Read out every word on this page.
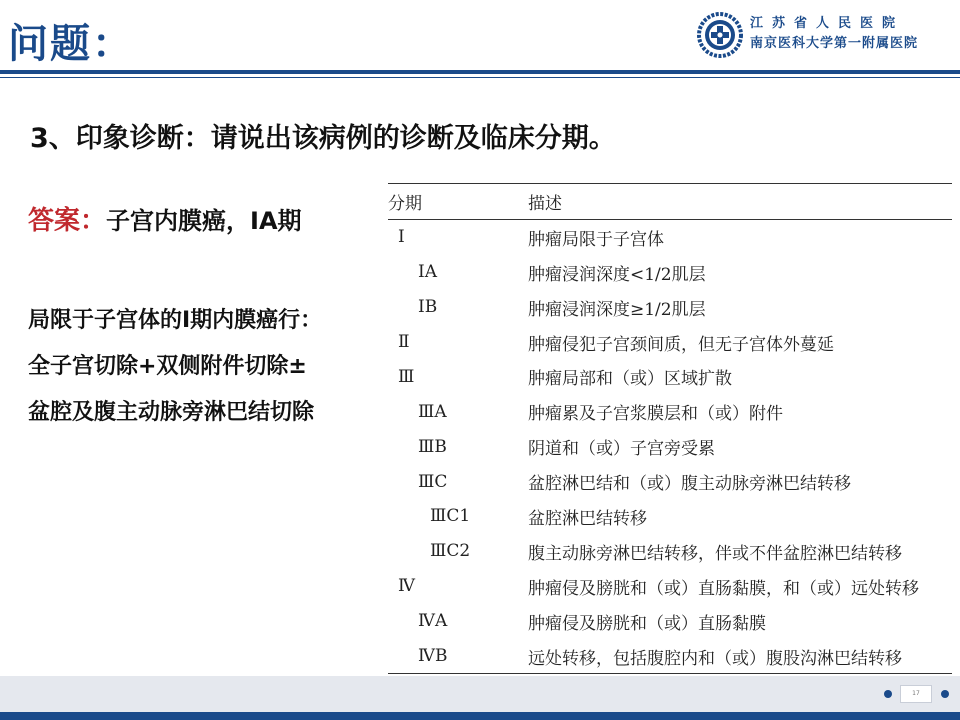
问题：	江苏省人民医院
南京医科大学第一附属医院
3、印象诊断：请说出该病例的诊断及临床分期。
答案：子宫内膜癌，IA期
局限于子宫体的I期内膜癌行：
全子宫切除+双侧附件切除±
盆腔及腹主动脉旁淋巴结切除
分期	描述
Ⅰ	肿瘤局限于子宫体
ⅠA	肿瘤浸润深度<1/2肌层
ⅠB	肿瘤浸润深度≥1/2肌层
Ⅱ	肿瘤侵犯子宫颈间质，但无子宫体外蔓延
Ⅲ	肿瘤局部和（或）区域扩散
ⅢA	肿瘤累及子宫浆膜层和（或）附件
ⅢB	阴道和（或）子宫旁受累
ⅢC	盆腔淋巴结和（或）腹主动脉旁淋巴结转移
ⅢC1	盆腔淋巴结转移
ⅢC2	腹主动脉旁淋巴结转移，伴或不伴盆腔淋巴结转移
Ⅳ	肿瘤侵及膀胱和（或）直肠黏膜，和（或）远处转移
ⅣA	肿瘤侵及膀胱和（或）直肠黏膜
ⅣB	远处转移，包括腹腔内和（或）腹股沟淋巴结转移
17
